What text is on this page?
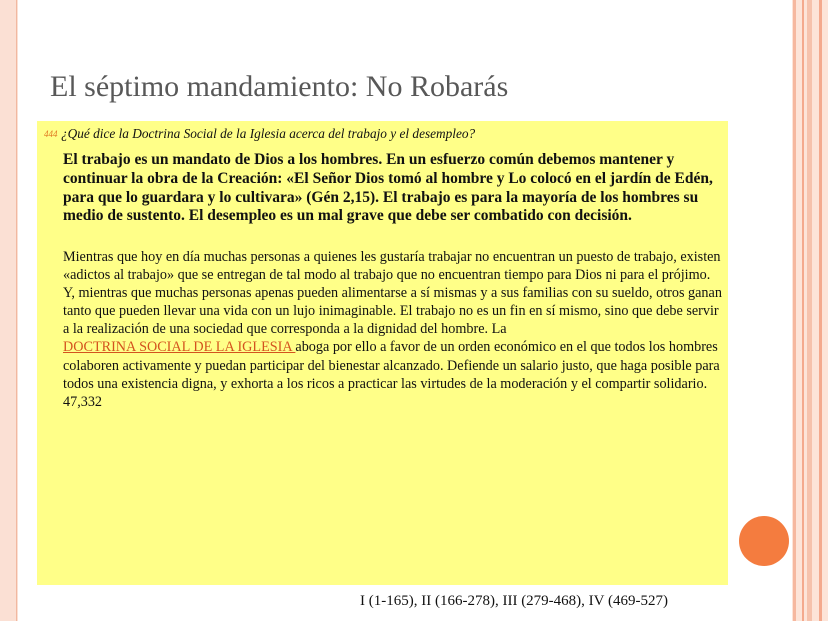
El séptimo mandamiento: No Robarás
444 ¿Qué dice la Doctrina Social de la Iglesia acerca del trabajo y el desempleo?

El trabajo es un mandato de Dios a los hombres. En un esfuerzo común debemos mantener y continuar la obra de la Creación: «El Señor Dios tomó al hombre y Lo colocó en el jardín de Edén, para que lo guardara y lo cultivara» (Gén 2,15). El trabajo es para la mayoría de los hombres su medio de sustento. El desempleo es un mal grave que debe ser combatido con decisión.

Mientras que hoy en día muchas personas a quienes les gustaría trabajar no encuentran un puesto de trabajo, existen «adictos al trabajo» que se entregan de tal modo al trabajo que no encuentran tiempo para Dios ni para el prójimo. Y, mientras que muchas personas apenas pueden alimentarse a sí mismas y a sus familias con su sueldo, otros ganan tanto que pueden llevar una vida con un lujo inimaginable. El trabajo no es un fin en sí mismo, sino que debe servir a la realización de una sociedad que corresponda a la dignidad del hombre. La
DOCTRINA SOCIAL DE LA IGLESIA aboga por ello a favor de un orden económico en el que todos los hombres colaboren activamente y puedan participar del bienestar alcanzado. Defiende un salario justo, que haga posible para todos una existencia digna, y exhorta a los ricos a practicar las virtudes de la moderación y el compartir solidario. 47,332

I (1-165), II (166-278), III (279-468), IV (469-527)
